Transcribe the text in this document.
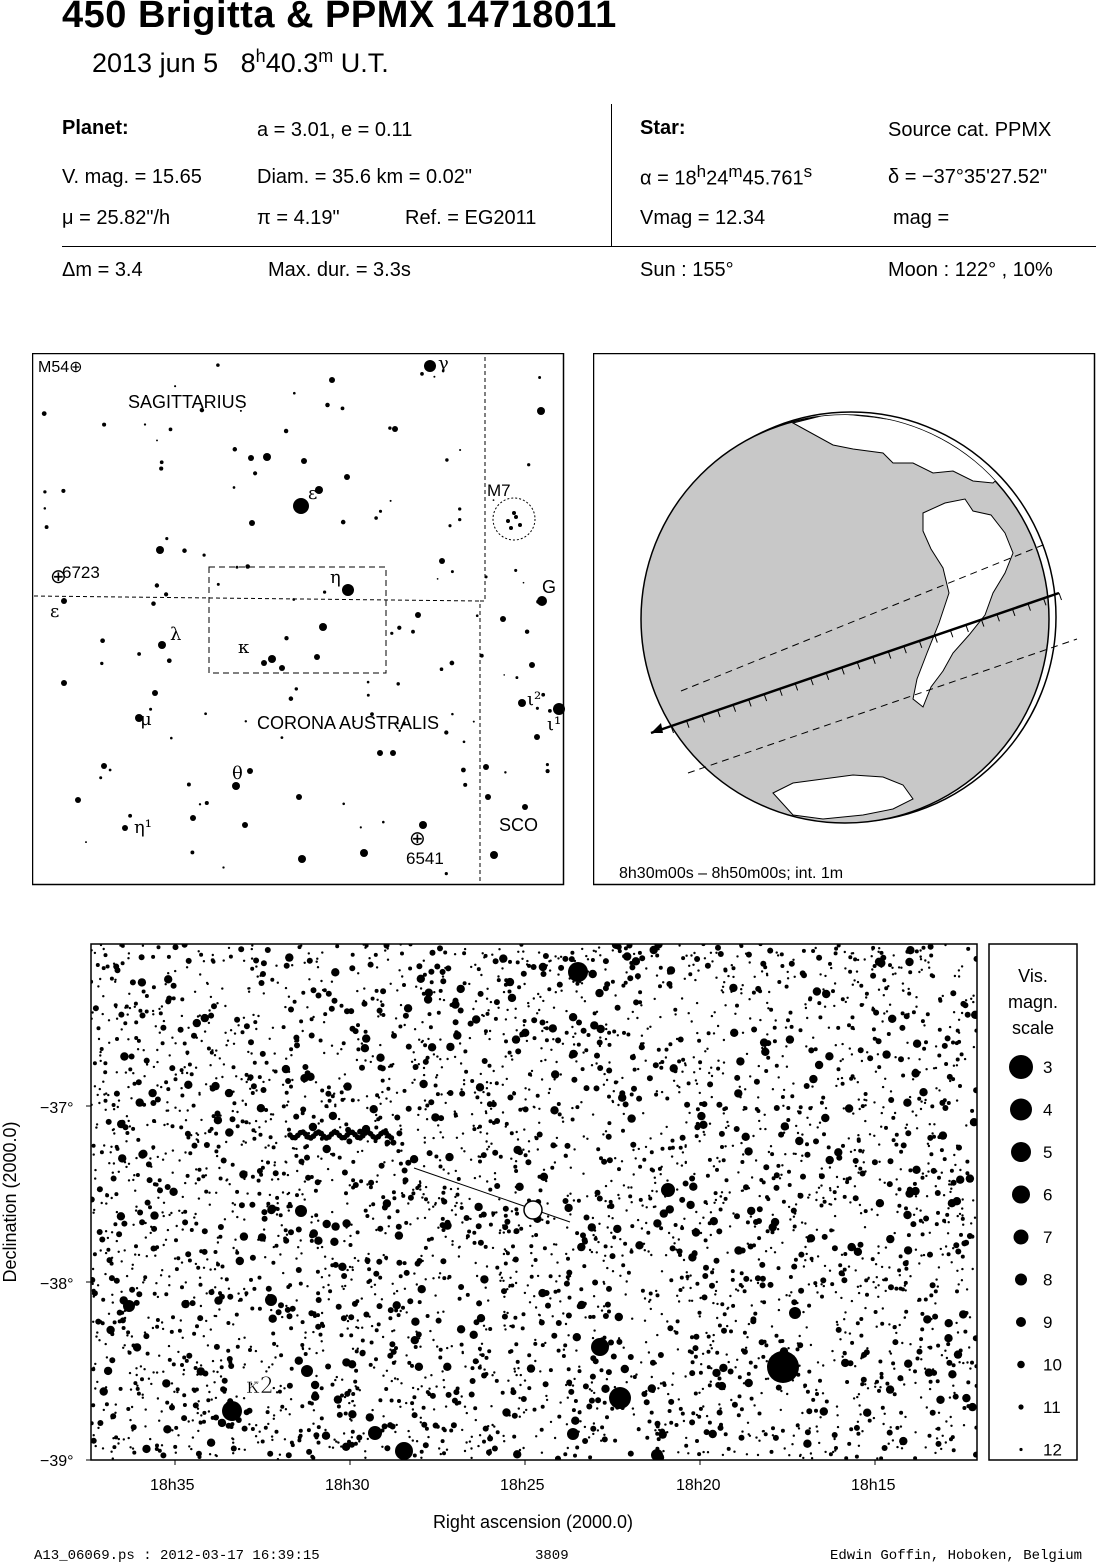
450 Brigitta & PPMX 14718011
2013 jun 5 8$^h$40.3$^m$ U.T.
Planet:	a = 3.01, e = 0.11
V. mag. = 15.65	Diam. = 35.6 km = 0.02"
μ = 25.82"/h	π = 4.19"	Ref. = EG2011
Star:	Source cat. PPMX
$\alpha = 18^h24^m45.761^s$	δ = −37°35'27.52"
Vmag = 12.34	mag =
Δm = 3.4	Max. dur. = 3.3s	Sun : 155°	Moon : 122° , 10%
M54⊕	γ
SAGITTARIUS
ε	M7
⊕
6723
ε
η	G
λ
κ
ι²
μ	CORONA AUSTRALIS	ι¹
θ
η¹	SCO
⊕
6541
8h30m00s – 8h50m00s; int. 1m
−37°
−38°
−39°
18h35	18h30	18h25	18h20	18h15
Right ascension (2000.0)
Declination (2000.0)
κ2
Vis.
magn.
scale
3
4
5
6
7
8
9
10
11
12
A13_06069.ps : 2012-03-17 16:39:15	3809	Edwin Goffin, Hoboken, Belgium
